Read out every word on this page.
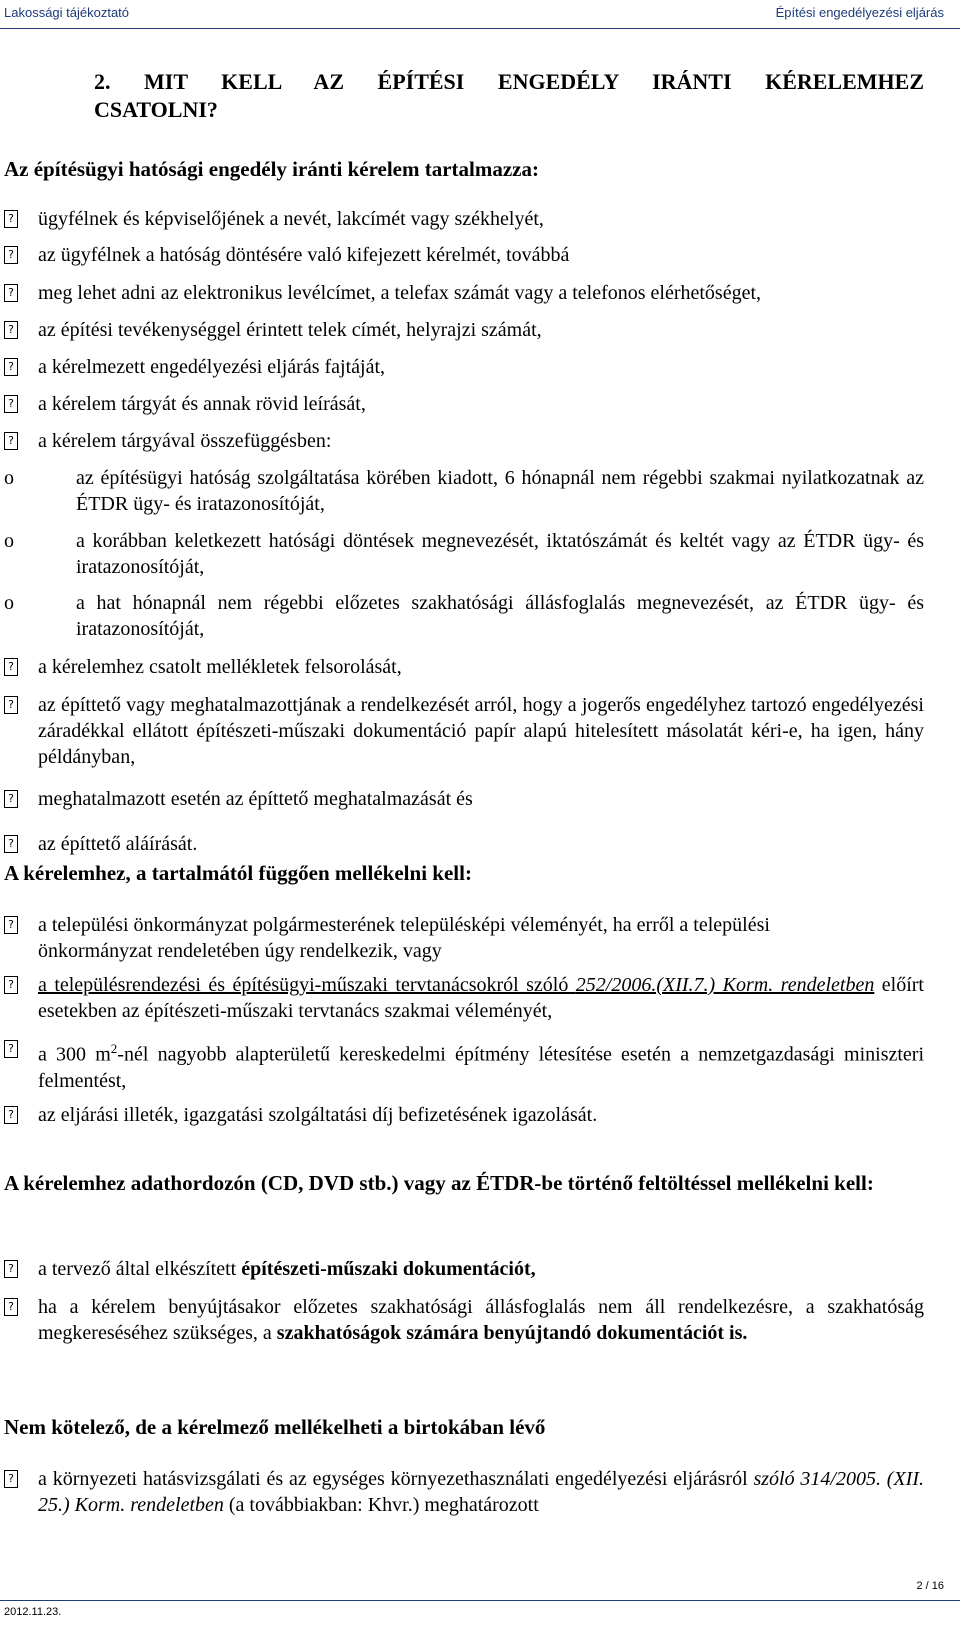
Lakossági tájékoztató	Építési engedélyezési eljárás
2. MIT KELL AZ ÉPÍTÉSI ENGEDÉLY IRÁNTI KÉRELEMHEZ
CSATOLNI?
Az építésügyi hatósági engedély iránti kérelem tartalmazza:
? ügyfélnek és képviselőjének a nevét, lakcímét vagy székhelyét,
? az ügyfélnek a hatóság döntésére való kifejezett kérelmét, továbbá
? meg lehet adni az elektronikus levélcímet, a telefax számát vagy a telefonos elérhetőséget,
? az építési tevékenységgel érintett telek címét, helyrajzi számát,
? a kérelmezett engedélyezési eljárás fajtáját,
? a kérelem tárgyát és annak rövid leírását,
? a kérelem tárgyával összefüggésben:
o	az építésügyi hatóság szolgáltatása körében kiadott, 6 hónapnál nem régebbi szakmai nyilatkozatnak az ÉTDR ügy- és iratazonosítóját,
o	a korábban keletkezett hatósági döntések megnevezését, iktatószámát és keltét vagy az ÉTDR ügy- és iratazonosítóját,
o	a hat hónapnál nem régebbi előzetes szakhatósági állásfoglalás megnevezését, az ÉTDR ügy- és iratazonosítóját,
? a kérelemhez csatolt mellékletek felsorolását,
? az építtető vagy meghatalmazottjának a rendelkezését arról, hogy a jogerős engedélyhez tartozó engedélyezési záradékkal ellátott építészeti-műszaki dokumentáció papír alapú hitelesített másolatát kéri-e, ha igen, hány példányban,
? meghatalmazott esetén az építtető meghatalmazását és
? az építtető aláírását.
A kérelemhez, a tartalmától függően mellékelni kell:
? a települési önkormányzat polgármesterének településképi véleményét, ha erről a települési önkormányzat rendeletében úgy rendelkezik, vagy
? a településrendezési és építésügyi-műszaki tervtanácsokról szóló 252/2006.(XII.7.) Korm. rendeletben előírt esetekben az építészeti-műszaki tervtanács szakmai véleményét,
? a 300 $m^2$-nél nagyobb alapterületű kereskedelmi építmény létesítése esetén a nemzetgazdasági miniszteri felmentést,
? az eljárási illeték, igazgatási szolgáltatási díj befizetésének igazolását.
A kérelemhez adathordozón (CD, DVD stb.) vagy az ÉTDR-be történő feltöltéssel mellékelni kell:
? a tervező által elkészített építészeti-műszaki dokumentációt,
? ha a kérelem benyújtásakor előzetes szakhatósági állásfoglalás nem áll rendelkezésre, a szakhatóság megkereséséhez szükséges, a szakhatóságok számára benyújtandó dokumentációt is.
Nem kötelező, de a kérelmező mellékelheti a birtokában lévő
? a környezeti hatásvizsgálati és az egységes környezethasználati engedélyezési eljárásról szóló 314/2005. (XII. 25.) Korm. rendeletben (a továbbiakban: Khvr.) meghatározott
2012.11.23.
2 / 16
